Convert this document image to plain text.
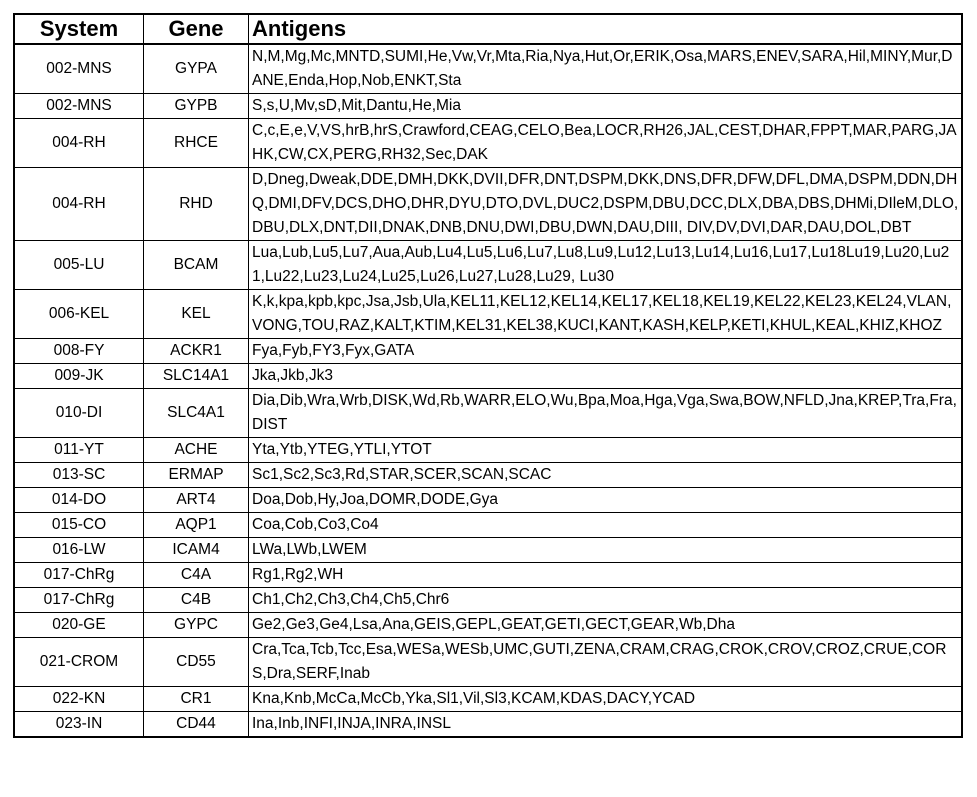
System	Gene	Antigens
002-MNS	GYPA	N,M,Mg,Mc,MNTD,SUMI,He,Vw,Vr,Mta,Ria,Nya,Hut,Or,ERIK,Osa,MARS,ENEV,SARA,Hil,MINY,Mur,DANE,Enda,Hop,Nob,ENKT,Sta
002-MNS	GYPB	S,s,U,Mv,sD,Mit,Dantu,He,Mia
004-RH	RHCE	C,c,E,e,V,VS,hrB,hrS,Crawford,CEAG,CELO,Bea,LOCR,RH26,JAL,CEST,DHAR,FPPT,MAR,PARG,JAHK,CW,CX,PERG,RH32,Sec,DAK
004-RH	RHD	D,Dneg,Dweak,DDE,DMH,DKK,DVII,DFR,DNT,DSPM,DKK,DNS,DFR,DFW,DFL,DMA,DSPM,DDN,DHQ,DMI,DFV,DCS,DHO,DHR,DYU,DTO,DVL,DUC2,DSPM,DBU,DCC,DLX,DBA,DBS,DHMi,DIleM,DLO,DBU,DLX,DNT,DII,DNAK,DNB,DNU,DWI,DBU,DWN,DAU,DIII, DIV,DV,DVI,DAR,DAU,DOL,DBT
005-LU	BCAM	Lua,Lub,Lu5,Lu7,Aua,Aub,Lu4,Lu5,Lu6,Lu7,Lu8,Lu9,Lu12,Lu13,Lu14,Lu16,Lu17,Lu18Lu19,Lu20,Lu21,Lu22,Lu23,Lu24,Lu25,Lu26,Lu27,Lu28,Lu29, Lu30
006-KEL	KEL	K,k,kpa,kpb,kpc,Jsa,Jsb,Ula,KEL11,KEL12,KEL14,KEL17,KEL18,KEL19,KEL22,KEL23,KEL24,VLAN,VONG,TOU,RAZ,KALT,KTIM,KEL31,KEL38,KUCI,KANT,KASH,KELP,KETI,KHUL,KEAL,KHIZ,KHOZ
008-FY	ACKR1	Fya,Fyb,FY3,Fyx,GATA
009-JK	SLC14A1	Jka,Jkb,Jk3
010-DI	SLC4A1	Dia,Dib,Wra,Wrb,DISK,Wd,Rb,WARR,ELO,Wu,Bpa,Moa,Hga,Vga,Swa,BOW,NFLD,Jna,KREP,Tra,Fra,DIST
011-YT	ACHE	Yta,Ytb,YTEG,YTLI,YTOT
013-SC	ERMAP	Sc1,Sc2,Sc3,Rd,STAR,SCER,SCAN,SCAC
014-DO	ART4	Doa,Dob,Hy,Joa,DOMR,DODE,Gya
015-CO	AQP1	Coa,Cob,Co3,Co4
016-LW	ICAM4	LWa,LWb,LWEM
017-ChRg	C4A	Rg1,Rg2,WH
017-ChRg	C4B	Ch1,Ch2,Ch3,Ch4,Ch5,Chr6
020-GE	GYPC	Ge2,Ge3,Ge4,Lsa,Ana,GEIS,GEPL,GEAT,GETI,GECT,GEAR,Wb,Dha
021-CROM	CD55	Cra,Tca,Tcb,Tcc,Esa,WESa,WESb,UMC,GUTI,ZENA,CRAM,CRAG,CROK,CROV,CROZ,CRUE,CORS,Dra,SERF,Inab
022-KN	CR1	Kna,Knb,McCa,McCb,Yka,Sl1,Vil,Sl3,KCAM,KDAS,DACY,YCAD
023-IN	CD44	Ina,Inb,INFI,INJA,INRA,INSL
